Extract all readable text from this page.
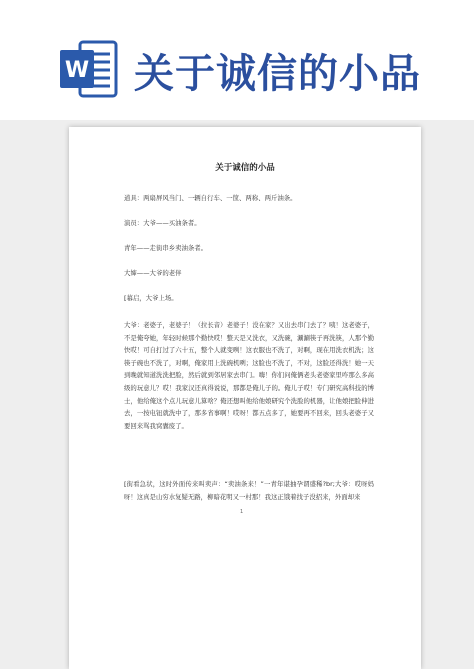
W 关于诚信的小品
关于诚信的小品
道具：两扇屏风当门、一辆自行车、一筐、两称、两斤油条。
演员：大爷——买油条者。
青年——走街串乡卖油条者。
大婶——大爷的老伴
[幕启，大爷上场。
大爷：老婆子，老婆子！（拉长音）老婆子！没在家？又出去串门去了？咦！这老婆子，不是俺夸她，年轻时候那个勤快哎！整天是又洗衣，又洗碗，涮涮筷子再洗筷，人那个勤快哎！可自打过了六十五，整个人就变咧！这衣服也不洗了，对啊，现在用洗衣机洗；这筷子碗也不洗了，对啊，俺家用上洗碗机咧；这脸也不洗了，不对，这脸还得洗！她一天到晚就知道洗洗把脸，然后就到邻居家去串门。嗨！你们问俺俩老头老婆家里咋那么多高级的玩意儿？哎！我家汉还真得说说，那都是俺儿子的。俺儿子哎！专门研究高科技的博士，他给俺这个点儿玩意儿算啥？俺还想叫他给他娘研究个洗脸的机器，让他娘把脸伸进去，一按电钮就洗中了，那多省事啊！哎呀！都五点多了，她要再不回来，回头老婆子又要回来骂我窝囊废了。
[街看急状，这时外面传来叫卖声：“卖油条来！”一青年谌抽孕谓盛稀?br;大爷：哎呀妈呀！这真是山穷水复疑无路，柳暗花明又一村那！我这正饿着找子没招来，外面却来
1
